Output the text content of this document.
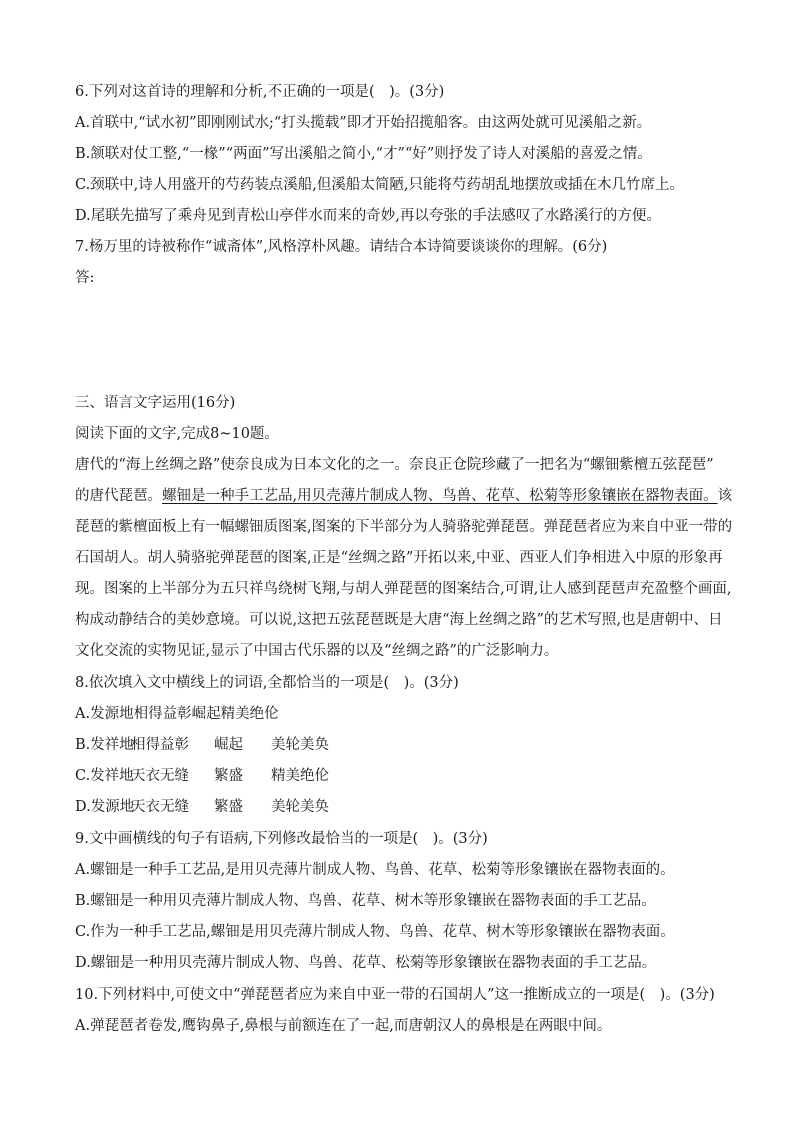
6.下列对这首诗的理解和分析,不正确的一项是(　)。(3分)
A.首联中,“试水初”即刚刚试水;“打头揽载”即才开始招揽船客。由这两处就可见溪船之新。
B.颔联对仗工整,“一椽”“两面”写出溪船之简小,“才”“好”则抒发了诗人对溪船的喜爱之情。
C.颈联中,诗人用盛开的芍药装点溪船,但溪船太简陋,只能将芍药胡乱地摆放或插在木几竹席上。
D.尾联先描写了乘舟见到青松山亭伴水而来的奇妙,再以夸张的手法感叹了水路溪行的方便。
7.杨万里的诗被称作“诚斋体”,风格淳朴风趣。请结合本诗简要谈谈你的理解。(6分)
答:
三、语言文字运用(16分)
阅读下面的文字,完成8~10题。
唐代的“海上丝绸之路”使奈良成为日本文化的之一。奈良正仓院珍藏了一把名为“螺钿紫檀五弦琵琶”
的唐代琵琶。螺钿是一种手工艺品,用贝壳薄片制成人物、鸟兽、花草、松菊等形象镶嵌在器物表面。该
琵琶的紫檀面板上有一幅螺钿质图案,图案的下半部分为人骑骆驼弹琵琶。弹琵琶者应为来自中亚一带的
石国胡人。胡人骑骆驼弹琵琶的图案,正是“丝绸之路”开拓以来,中亚、西亚人们争相进入中原的形象再
现。图案的上半部分为五只祥鸟绕树飞翔,与胡人弹琵琶的图案结合,可谓,让人感到琵琶声充盈整个画面,
构成动静结合的美妙意境。可以说,这把五弦琵琶既是大唐“海上丝绸之路”的艺术写照,也是唐朝中、日
文化交流的实物见证,显示了中国古代乐器的以及“丝绸之路”的广泛影响力。
8.依次填入文中横线上的词语,全都恰当的一项是(　)。(3分)
A.发源地相得益彰崛起精美绝伦
B.发祥地相得益彰 崛起 美轮美奂
C.发祥地天衣无缝 繁盛 精美绝伦
D.发源地天衣无缝 繁盛 美轮美奂
9.文中画横线的句子有语病,下列修改最恰当的一项是(　)。(3分)
A.螺钿是一种手工艺品,是用贝壳薄片制成人物、鸟兽、花草、松菊等形象镶嵌在器物表面的。
B.螺钿是一种用贝壳薄片制成人物、鸟兽、花草、树木等形象镶嵌在器物表面的手工艺品。
C.作为一种手工艺品,螺钿是用贝壳薄片制成人物、鸟兽、花草、树木等形象镶嵌在器物表面。
D.螺钿是一种用贝壳薄片制成人物、鸟兽、花草、松菊等形象镶嵌在器物表面的手工艺品。
10.下列材料中,可使文中“弹琵琶者应为来自中亚一带的石国胡人”这一推断成立的一项是(　)。(3分)
A.弹琵琶者卷发,鹰钩鼻子,鼻根与前额连在了一起,而唐朝汉人的鼻根是在两眼中间。
